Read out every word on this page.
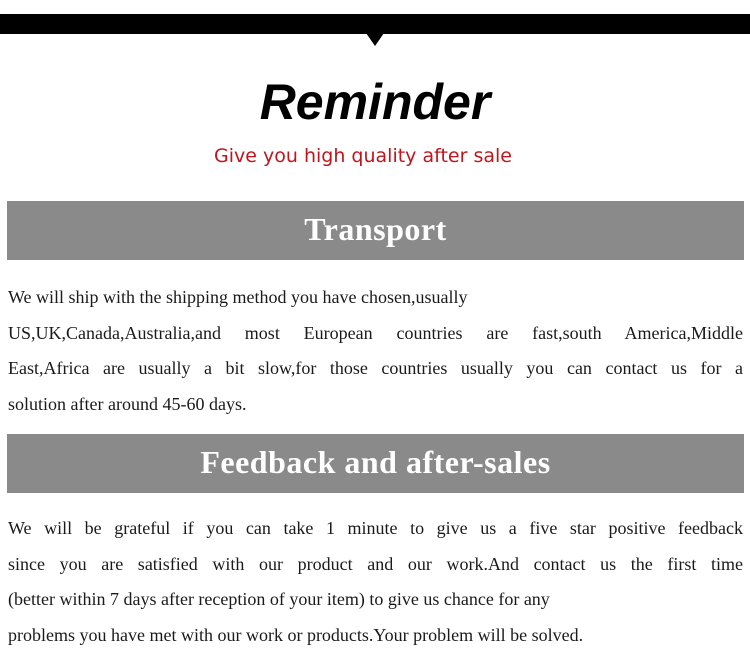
Reminder
Give you high quality after sale
Transport
We will ship with the shipping method you have chosen,usually
US,UK,Canada,Australia,and most European countries are fast,south America,Middle
East,Africa are usually a bit slow,for those countries usually you can contact us for a
solution after around 45-60 days.
Feedback and after-sales
We will be grateful if you can take 1 minute to give us a five star positive feedback
since you are satisfied with our product and our work.And contact us the first time
(better within 7 days after reception of your item) to give us chance for any
problems you have met with our work or products.Your problem will be solved.
